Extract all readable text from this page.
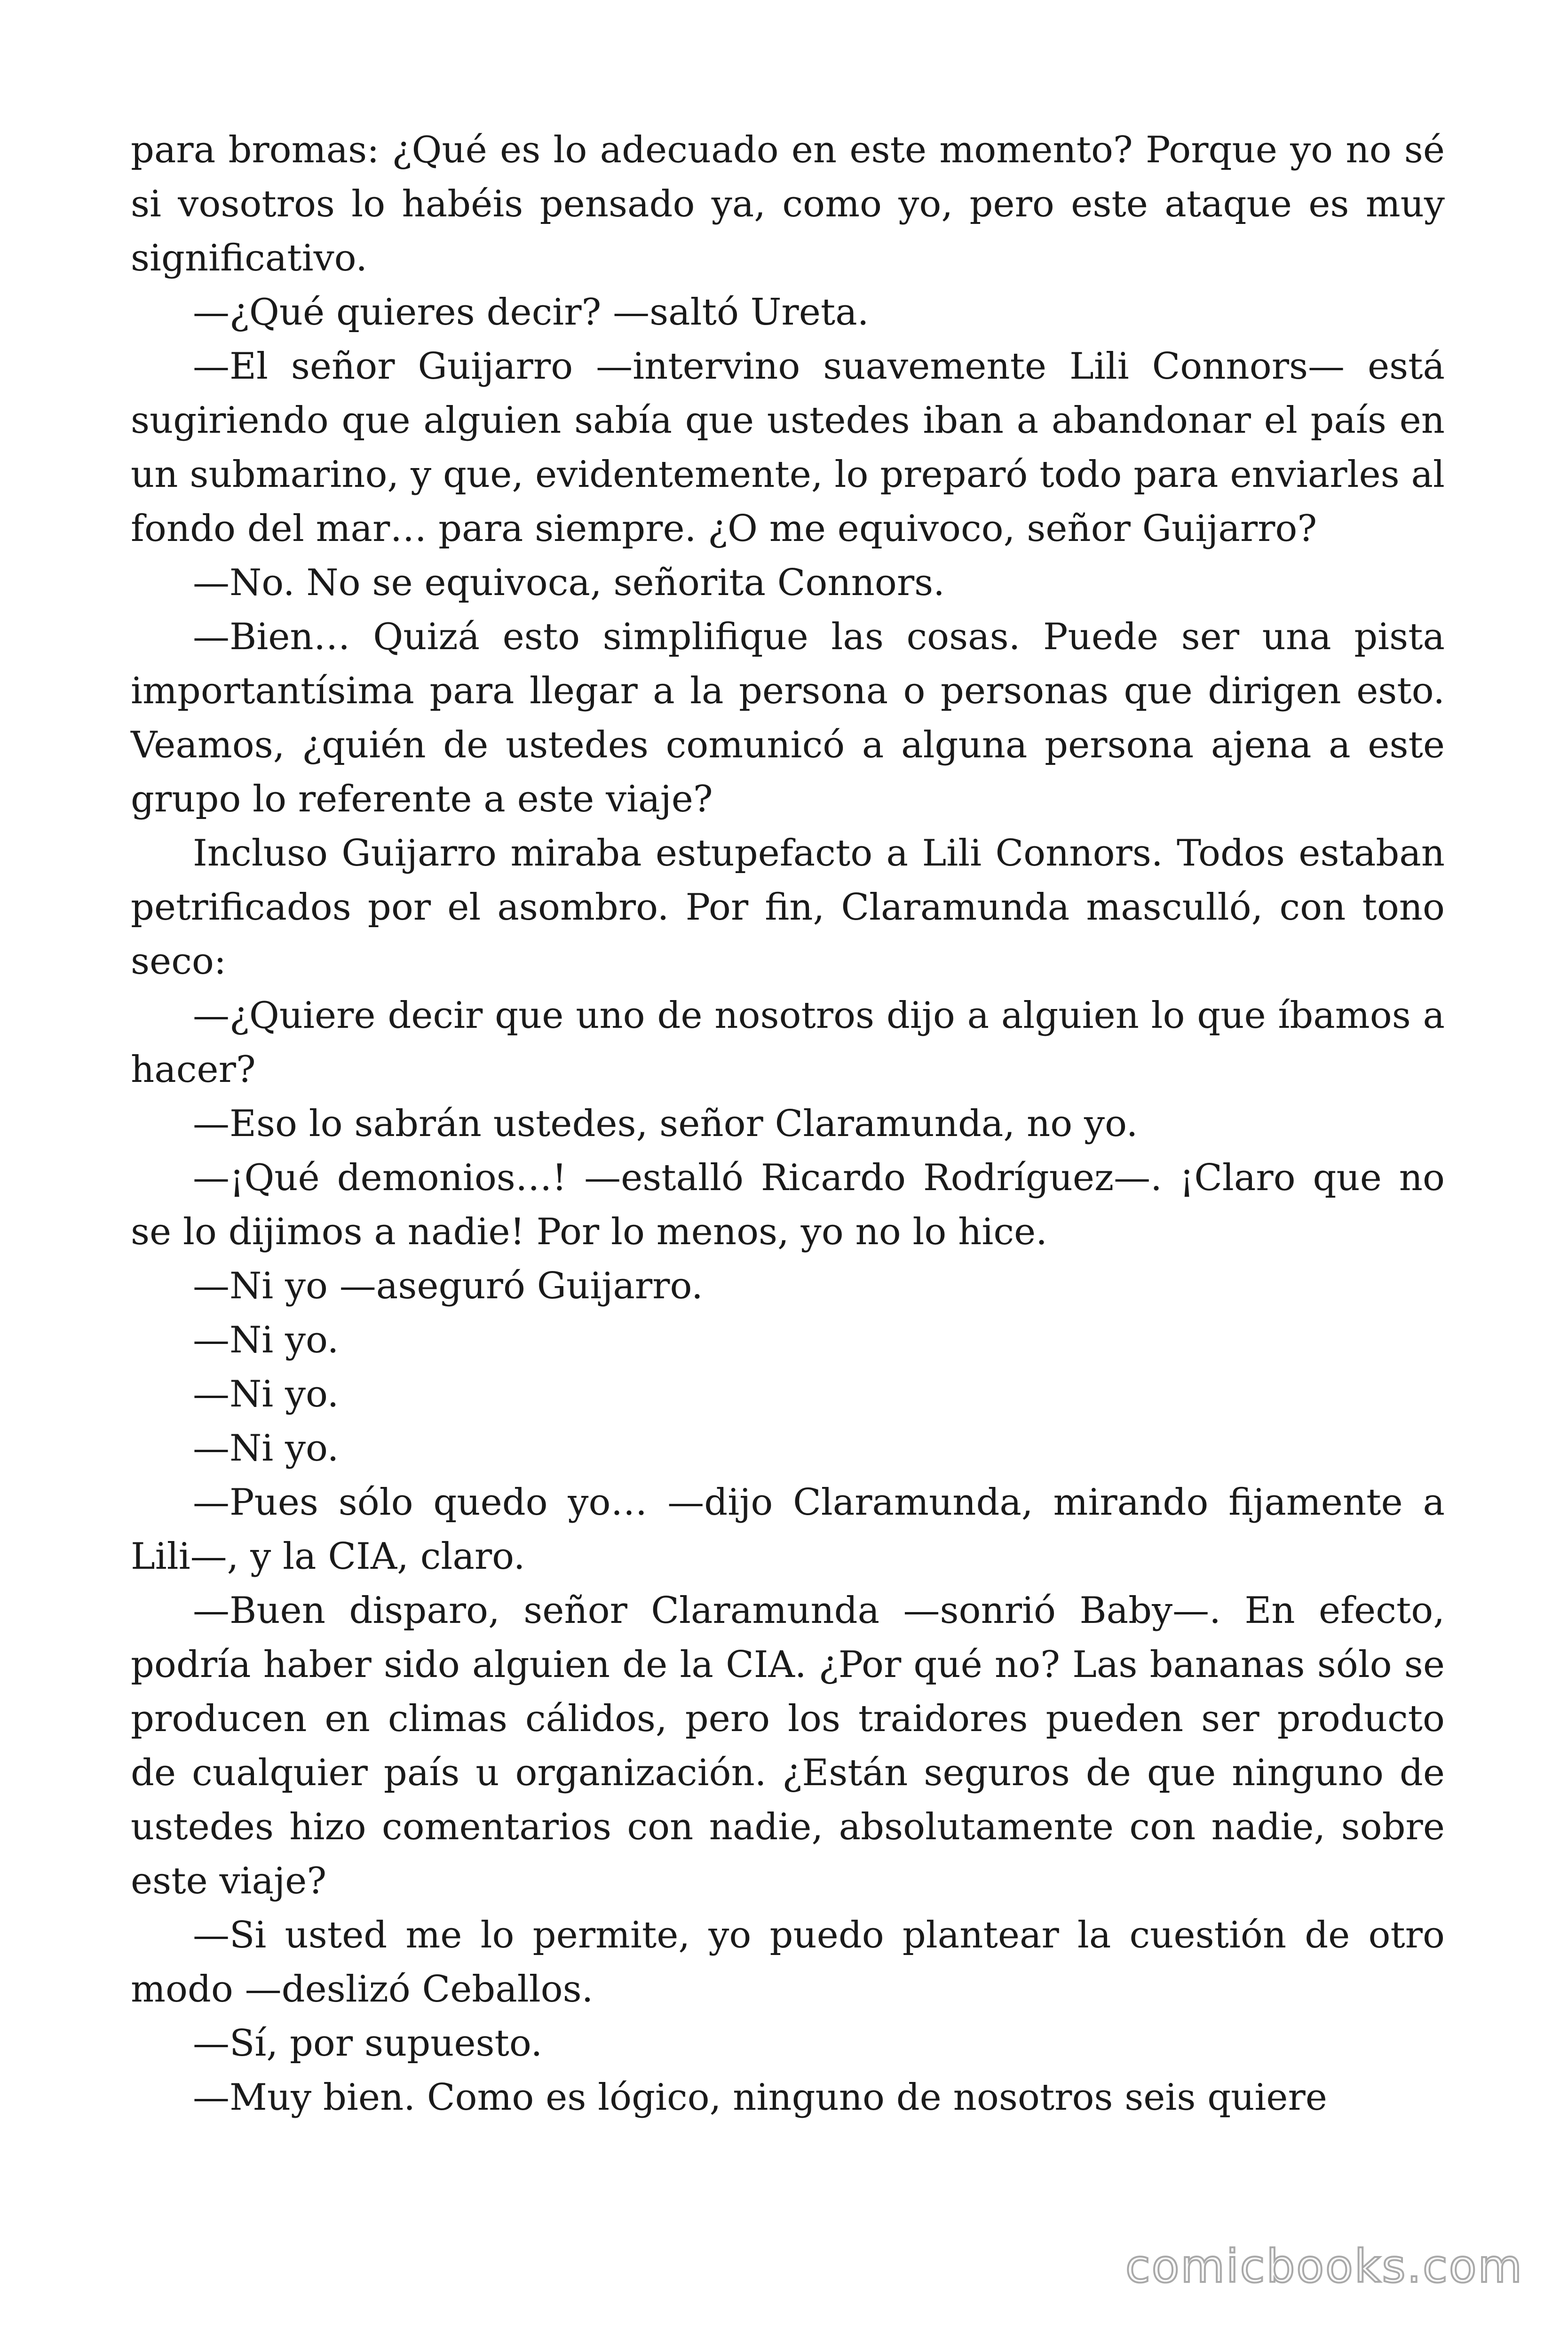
para bromas: ¿Qué es lo adecuado en este momento? Porque yo no sé si vosotros lo habéis pensado ya, como yo, pero este ataque es muy significativo.

—¿Qué quieres decir? —saltó Ureta.

—El señor Guijarro —intervino suavemente Lili Connors— está sugiriendo que alguien sabía que ustedes iban a abandonar el país en un submarino, y que, evidentemente, lo preparó todo para enviarles al fondo del mar… para siempre. ¿O me equivoco, señor Guijarro?

—No. No se equivoca, señorita Connors.

—Bien… Quizá esto simplifique las cosas. Puede ser una pista importantísima para llegar a la persona o personas que dirigen esto. Veamos, ¿quién de ustedes comunicó a alguna persona ajena a este grupo lo referente a este viaje?

Incluso Guijarro miraba estupefacto a Lili Connors. Todos estaban petrificados por el asombro. Por fin, Claramunda masculló, con tono seco:

—¿Quiere decir que uno de nosotros dijo a alguien lo que íbamos a hacer?

—Eso lo sabrán ustedes, señor Claramunda, no yo.

—¡Qué demonios…! —estalló Ricardo Rodríguez—. ¡Claro que no se lo dijimos a nadie! Por lo menos, yo no lo hice.

—Ni yo —aseguró Guijarro.

—Ni yo.

—Ni yo.

—Ni yo.

—Pues sólo quedo yo… —dijo Claramunda, mirando fijamente a Lili—, y la CIA, claro.

—Buen disparo, señor Claramunda —sonrió Baby—. En efecto, podría haber sido alguien de la CIA. ¿Por qué no? Las bananas sólo se producen en climas cálidos, pero los traidores pueden ser producto de cualquier país u organización. ¿Están seguros de que ninguno de ustedes hizo comentarios con nadie, absolutamente con nadie, sobre este viaje?

—Si usted me lo permite, yo puedo plantear la cuestión de otro modo —deslizó Ceballos.

—Sí, por supuesto.

—Muy bien. Como es lógico, ninguno de nosotros seis quiere

comicbooks.com
